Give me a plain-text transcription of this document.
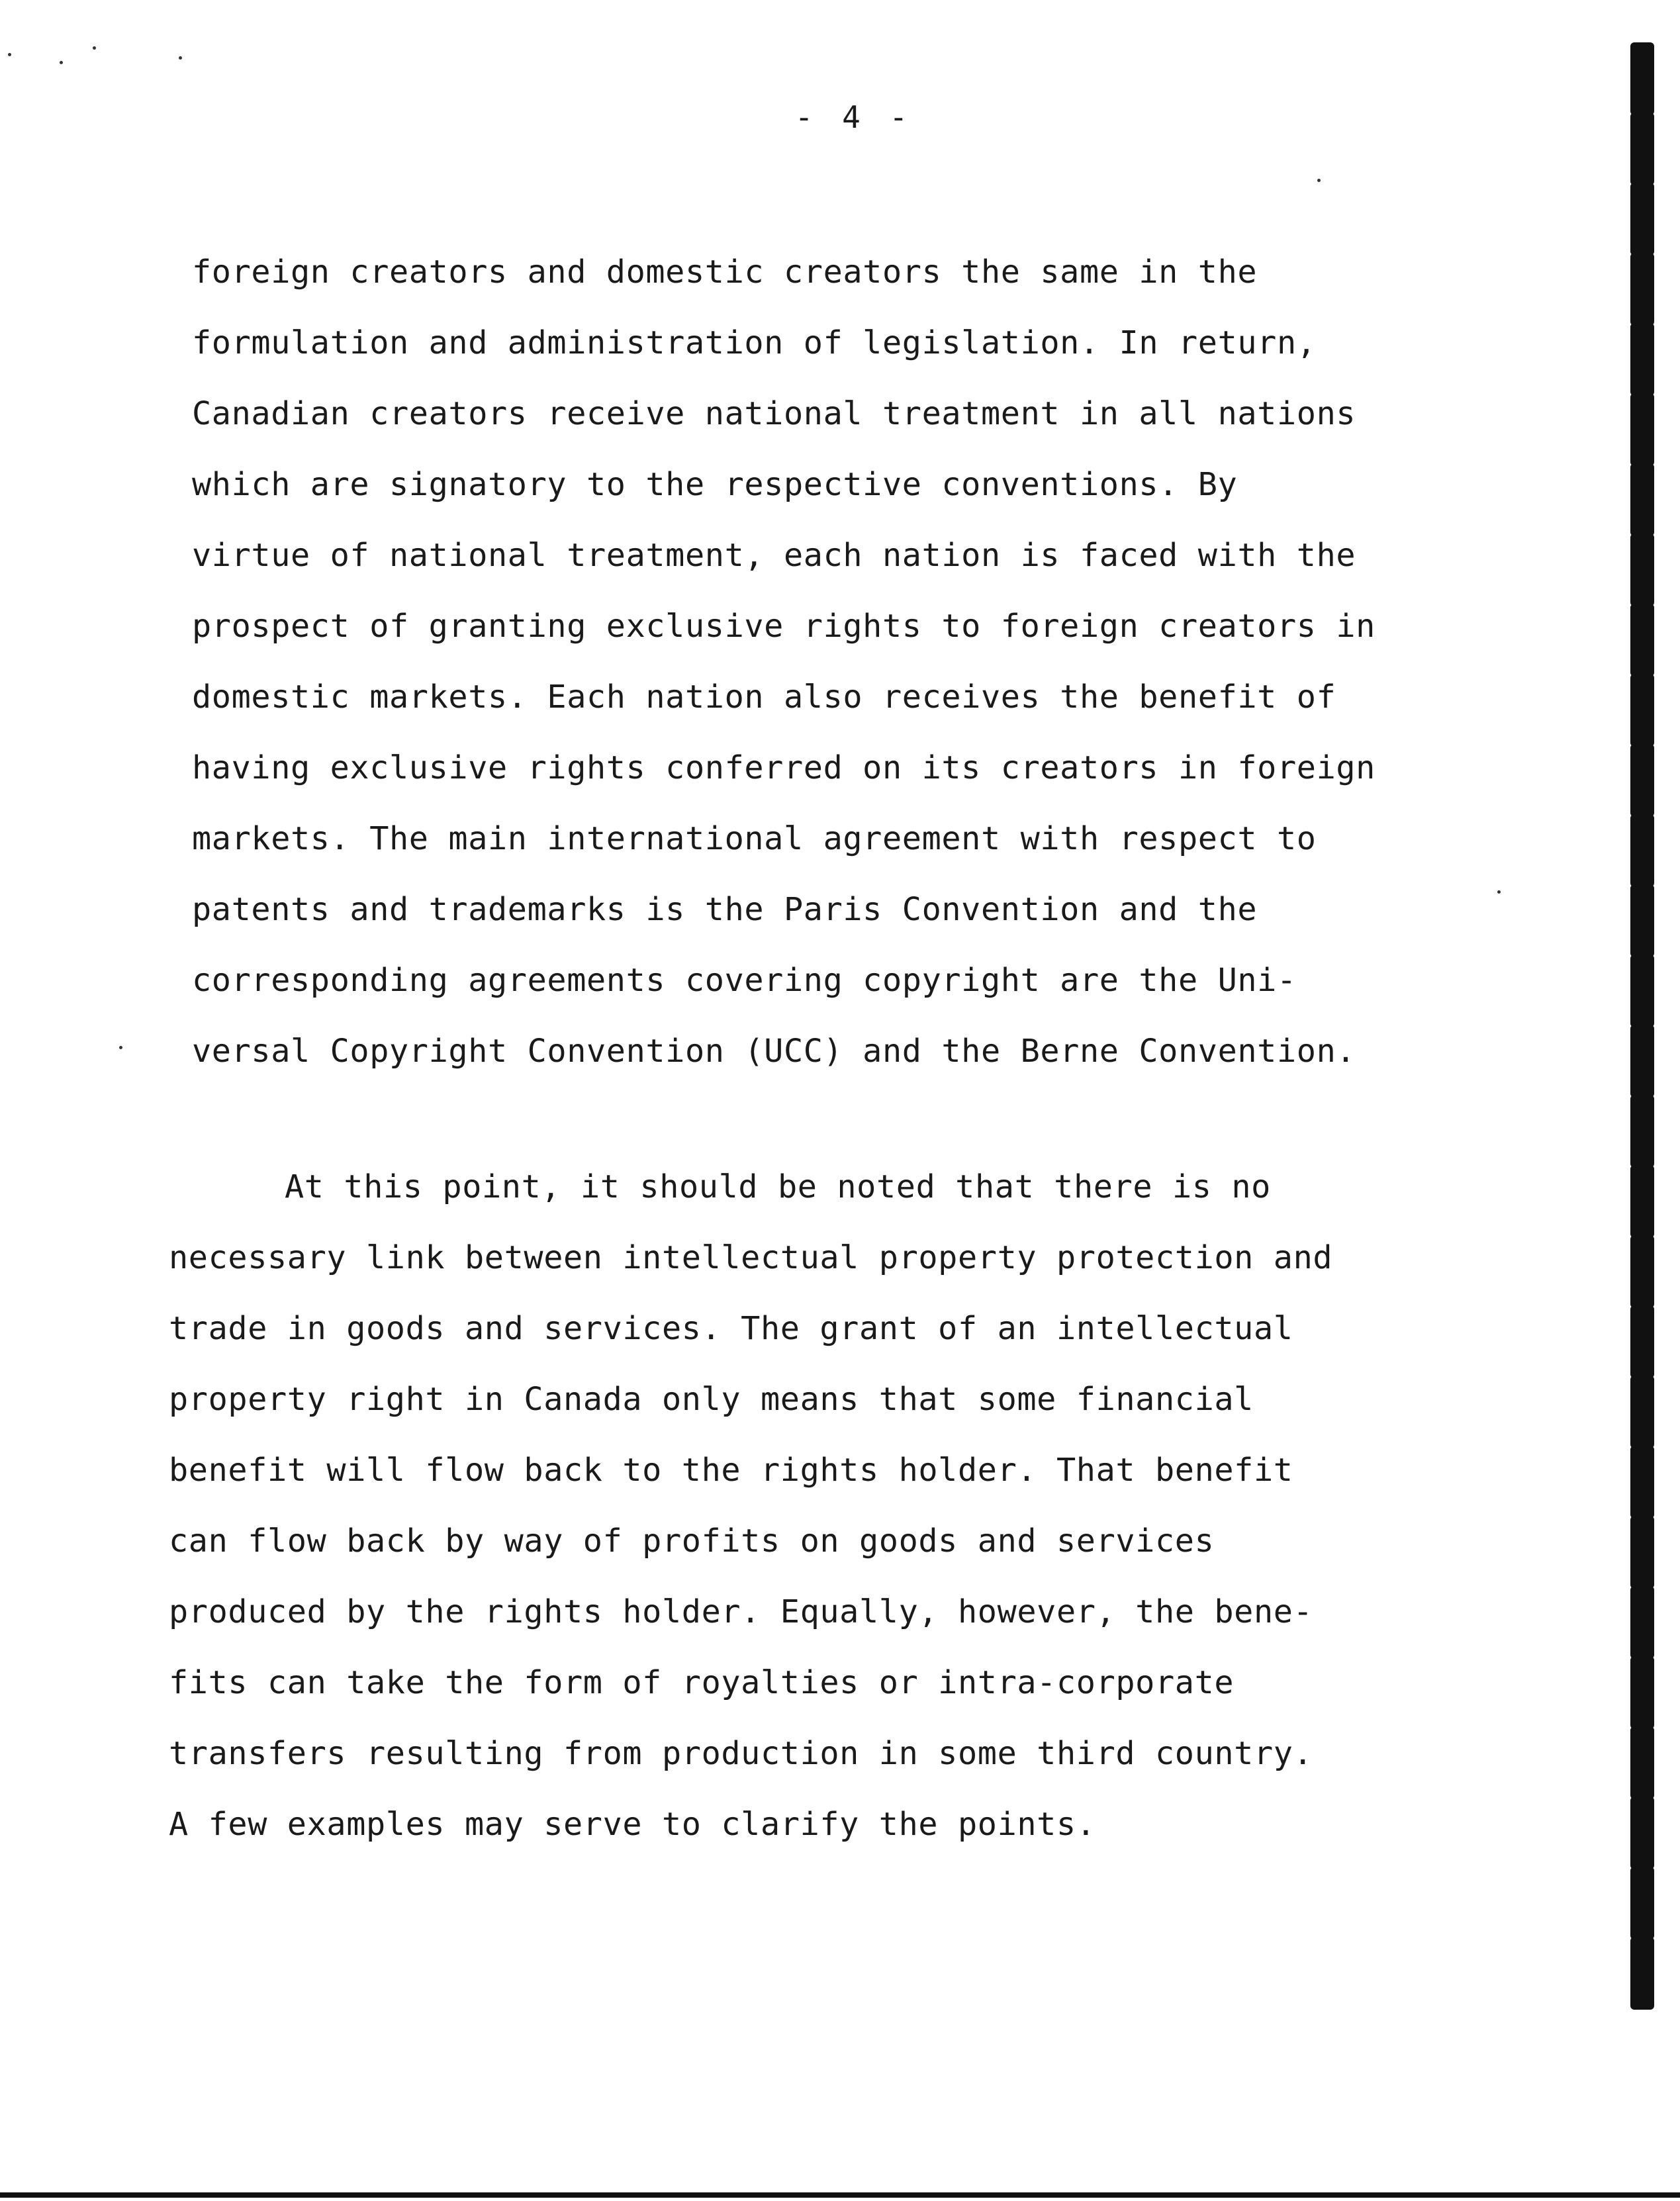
- 4 -
foreign creators and domestic creators the same in the
formulation and administration of legislation. In return,
Canadian creators receive national treatment in all nations
which are signatory to the respective conventions. By
virtue of national treatment, each nation is faced with the
prospect of granting exclusive rights to foreign creators in
domestic markets. Each nation also receives the benefit of
having exclusive rights conferred on its creators in foreign
markets. The main international agreement with respect to
patents and trademarks is the Paris Convention and the
corresponding agreements covering copyright are the Uni-
versal Copyright Convention (UCC) and the Berne Convention.
At this point, it should be noted that there is no
necessary link between intellectual property protection and
trade in goods and services. The grant of an intellectual
property right in Canada only means that some financial
benefit will flow back to the rights holder. That benefit
can flow back by way of profits on goods and services
produced by the rights holder. Equally, however, the bene-
fits can take the form of royalties or intra-corporate
transfers resulting from production in some third country.
A few examples may serve to clarify the points.
